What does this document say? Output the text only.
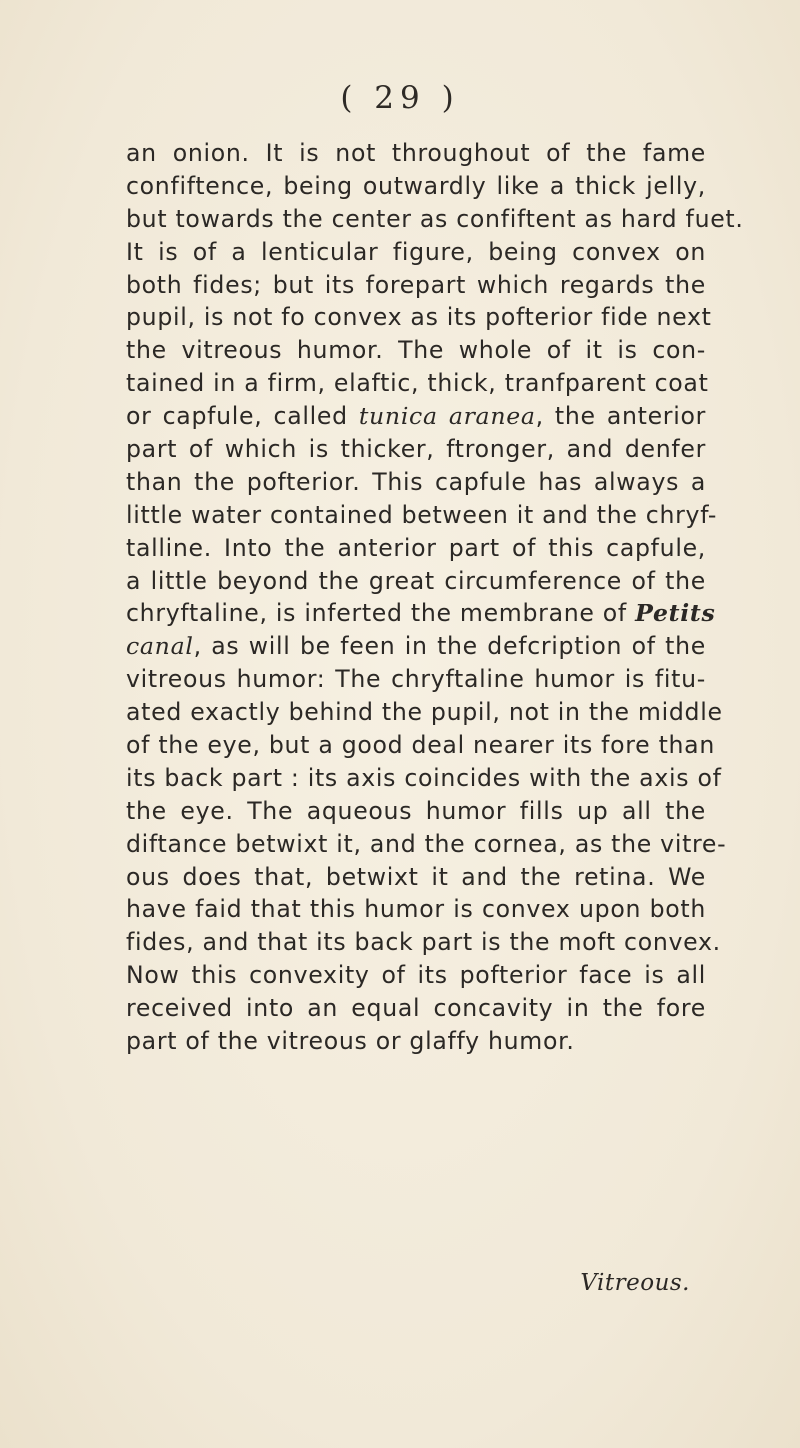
( 29 )
an onion. It is not throughout of the fame
confiftence, being outwardly like a thick jelly,
but towards the center as confiftent as hard fuet.
It is of a lenticular figure, being convex on
both fides; but its forepart which regards the
pupil, is not fo convex as its pofterior fide next
the vitreous humor. The whole of it is con-
tained in a firm, elaftic, thick, tranfparent coat
or capfule, called tunica aranea, the anterior
part of which is thicker, ftronger, and denfer
than the pofterior. This capfule has always a
little water contained between it and the chryf-
talline. Into the anterior part of this capfule,
a little beyond the great circumference of the
chryftaline, is inferted the membrane of Petits
canal, as will be feen in the defcription of the
vitreous humor: The chryftaline humor is fitu-
ated exactly behind the pupil, not in the middle
of the eye, but a good deal nearer its fore than
its back part : its axis coincides with the axis of
the eye. The aqueous humor fills up all the
diftance betwixt it, and the cornea, as the vitre-
ous does that, betwixt it and the retina. We
have faid that this humor is convex upon both
fides, and that its back part is the moft convex.
Now this convexity of its pofterior face is all
received into an equal concavity in the fore
part of the vitreous or glaffy humor.
Vitreous.
